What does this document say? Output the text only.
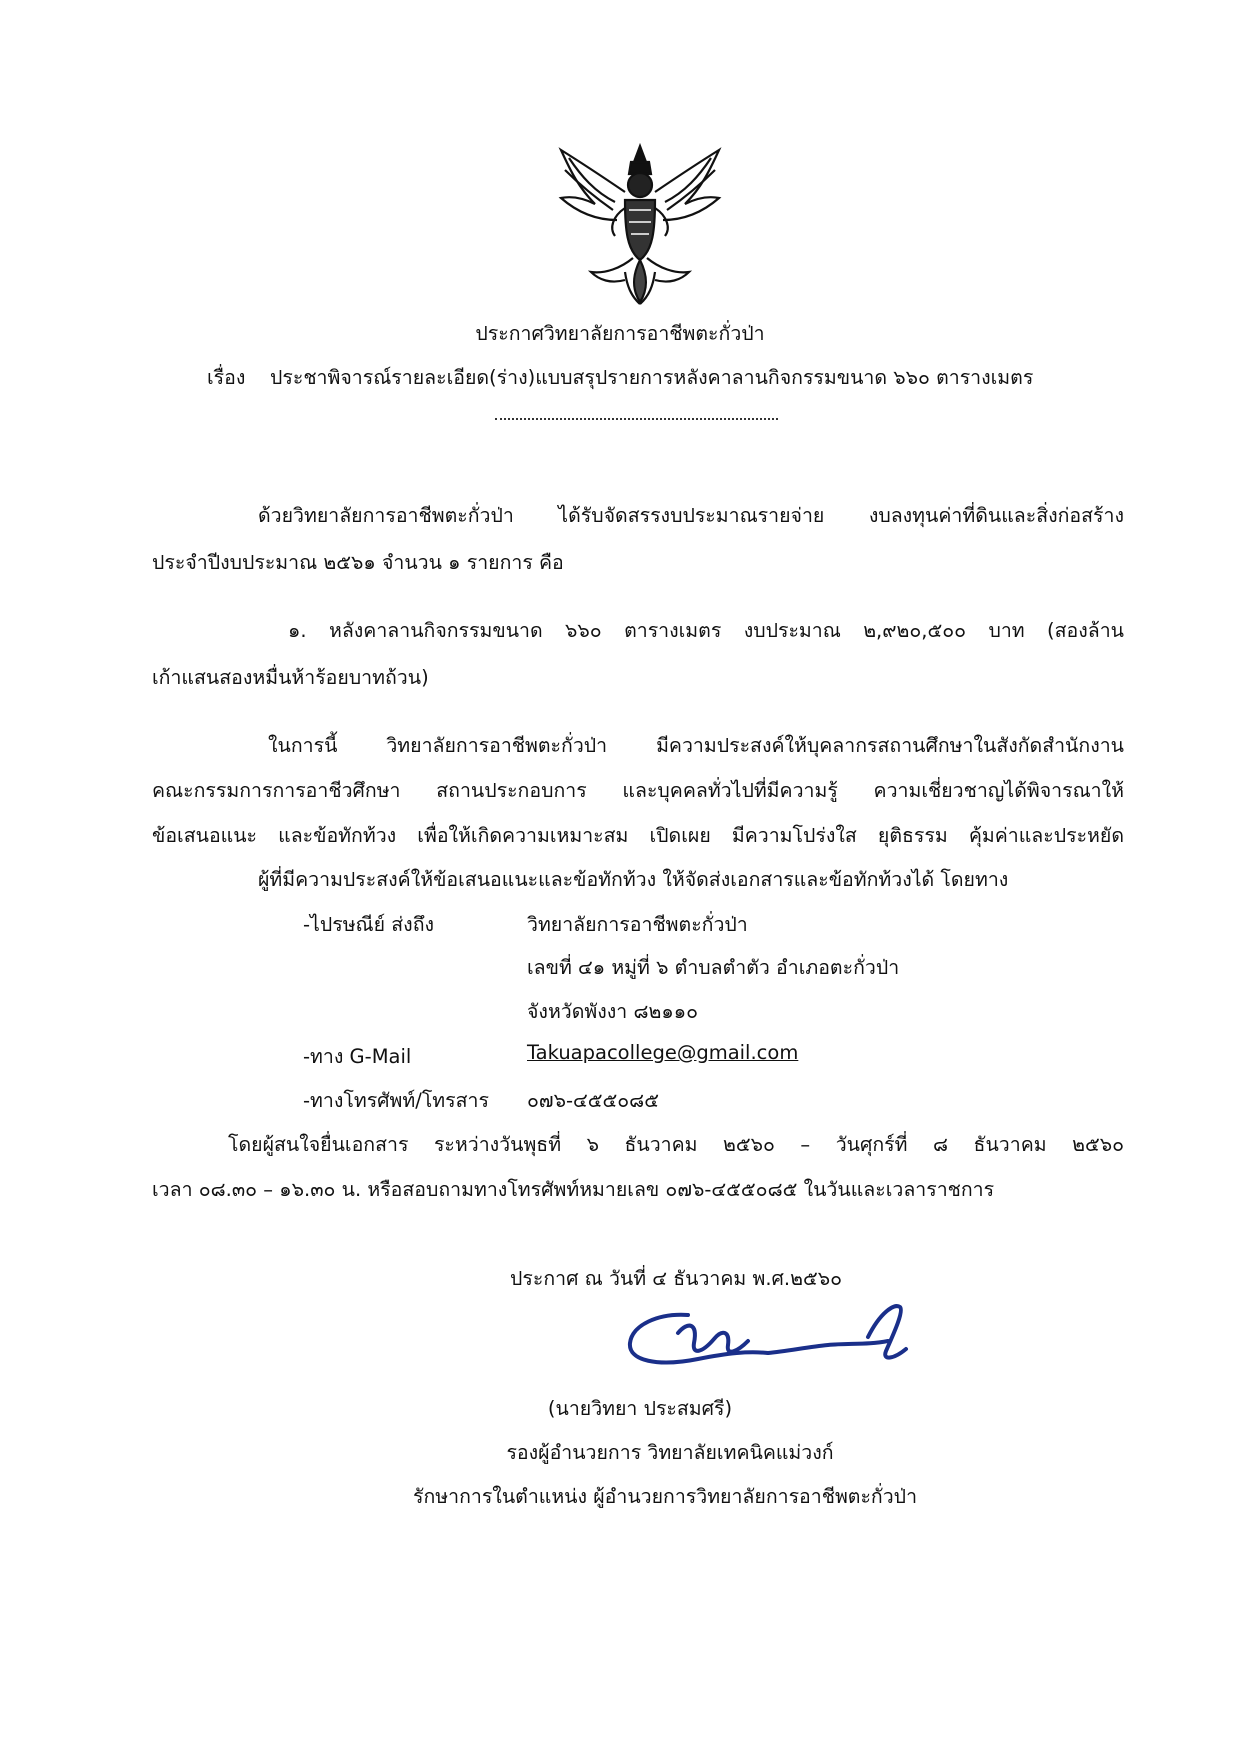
ประกาศวิทยาลัยการอาชีพตะกั่วป่า
เรื่อง ประชาพิจารณ์รายละเอียด(ร่าง)แบบสรุปรายการหลังคาลานกิจกรรมขนาด ๖๖๐ ตารางเมตร
ด้วยวิทยาลัยการอาชีพตะกั่วป่า ได้รับจัดสรรงบประมาณรายจ่าย งบลงทุนค่าที่ดินและสิ่งก่อสร้าง
ประจำปีงบประมาณ ๒๕๖๑ จำนวน ๑ รายการ คือ
๑. หลังคาลานกิจกรรมขนาด ๖๖๐ ตารางเมตร งบประมาณ ๒,๙๒๐,๕๐๐ บาท (สองล้าน
เก้าแสนสองหมื่นห้าร้อยบาทถ้วน)
ในการนี้ วิทยาลัยการอาชีพตะกั่วป่า มีความประสงค์ให้บุคลากรสถานศึกษาในสังกัดสำนักงาน
คณะกรรมการการอาชีวศึกษา สถานประกอบการ และบุคคลทั่วไปที่มีความรู้ ความเชี่ยวชาญได้พิจารณาให้
ข้อเสนอแนะ และข้อทักท้วง เพื่อให้เกิดความเหมาะสม เปิดเผย มีความโปร่งใส ยุติธรรม คุ้มค่าและประหยัด
ผู้ที่มีความประสงค์ให้ข้อเสนอแนะและข้อทักท้วง ให้จัดส่งเอกสารและข้อทักท้วงได้ โดยทาง
-ไปรษณีย์ ส่งถึง	วิทยาลัยการอาชีพตะกั่วป่า
เลขที่ ๔๑ หมู่ที่ ๖ ตำบลตำตัว อำเภอตะกั่วป่า
จังหวัดพังงา ๘๒๑๑๐
-ทาง G-Mail	Takuapacollege@gmail.com
-ทางโทรศัพท์/โทรสาร ๐๗๖-๔๕๕๐๘๕
โดยผู้สนใจยื่นเอกสาร ระหว่างวันพุธที่ ๖ ธันวาคม ๒๕๖๐ – วันศุกร์ที่ ๘ ธันวาคม ๒๕๖๐
เวลา ๐๘.๓๐ – ๑๖.๓๐ น. หรือสอบถามทางโทรศัพท์หมายเลข ๐๗๖-๔๕๕๐๘๕ ในวันและเวลาราชการ
ประกาศ ณ วันที่ ๔ ธันวาคม พ.ศ.๒๕๖๐
(นายวิทยา ประสมศรี)
รองผู้อำนวยการ วิทยาลัยเทคนิคแม่วงก์
รักษาการในตำแหน่ง ผู้อำนวยการวิทยาลัยการอาชีพตะกั่วป่า
